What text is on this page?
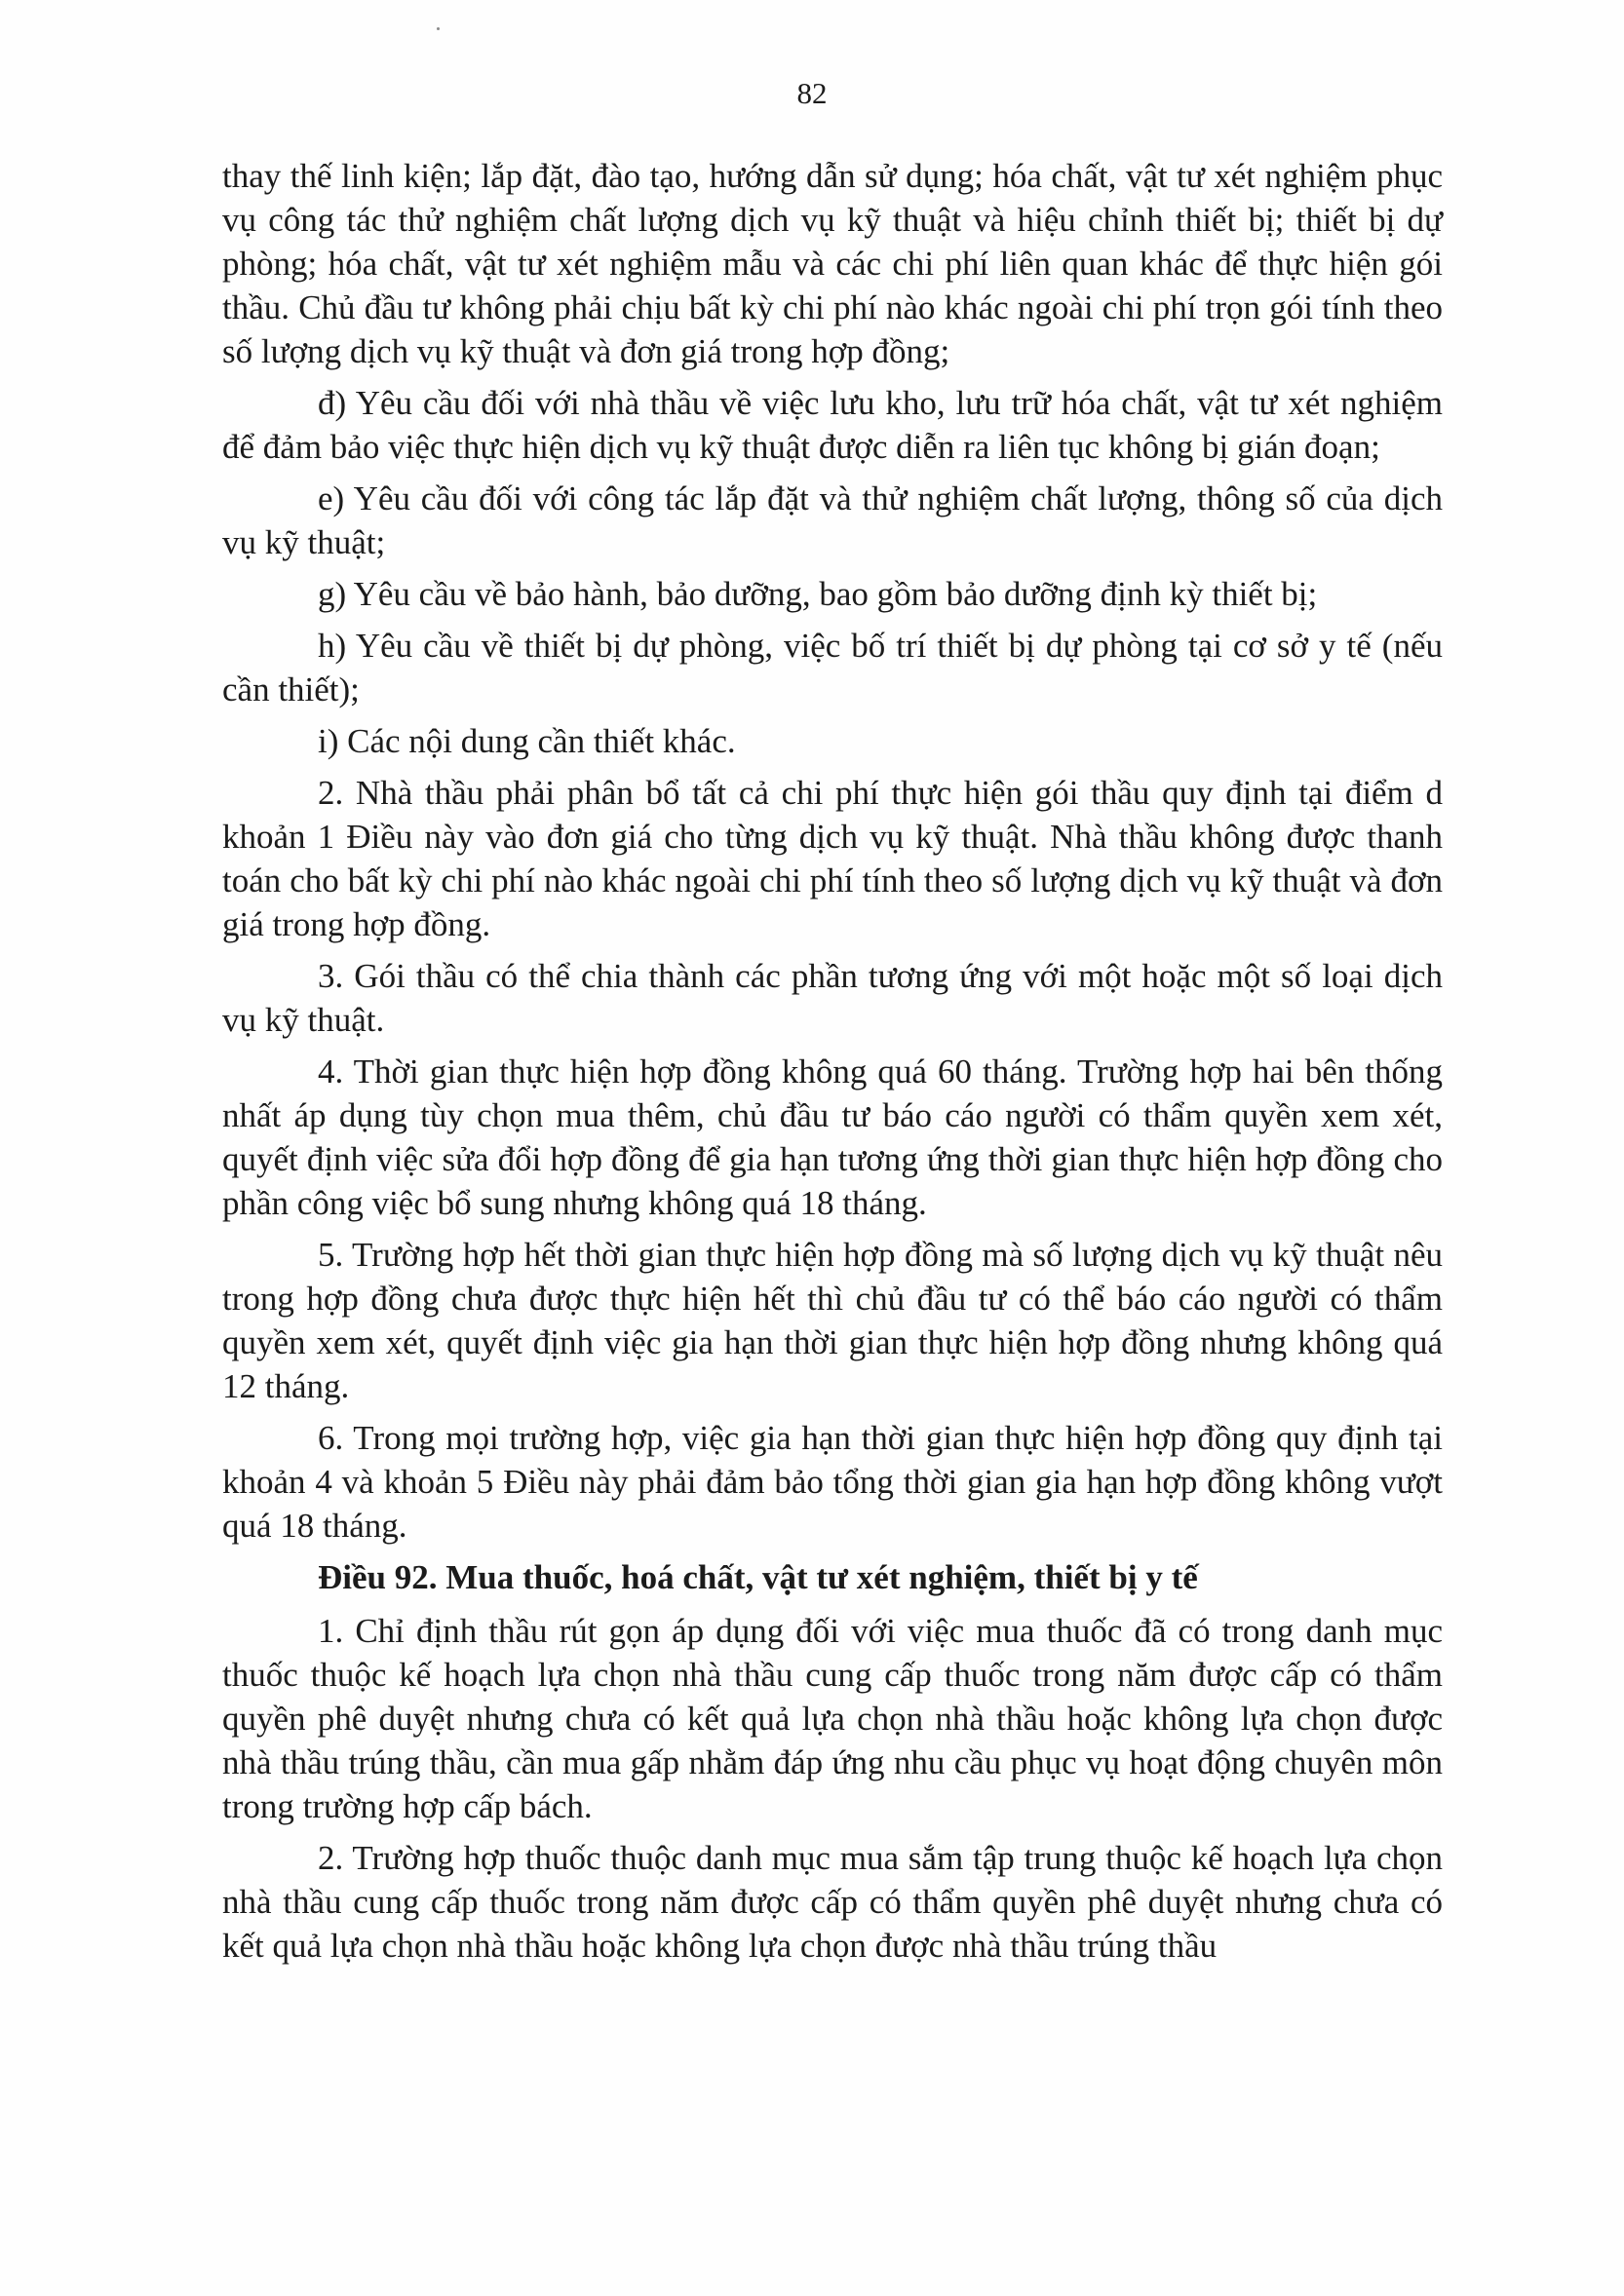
82

thay thế linh kiện; lắp đặt, đào tạo, hướng dẫn sử dụng; hóa chất, vật tư xét nghiệm phục vụ công tác thử nghiệm chất lượng dịch vụ kỹ thuật và hiệu chỉnh thiết bị; thiết bị dự phòng; hóa chất, vật tư xét nghiệm mẫu và các chi phí liên quan khác để thực hiện gói thầu. Chủ đầu tư không phải chịu bất kỳ chi phí nào khác ngoài chi phí trọn gói tính theo số lượng dịch vụ kỹ thuật và đơn giá trong hợp đồng;

đ) Yêu cầu đối với nhà thầu về việc lưu kho, lưu trữ hóa chất, vật tư xét nghiệm để đảm bảo việc thực hiện dịch vụ kỹ thuật được diễn ra liên tục không bị gián đoạn;

e) Yêu cầu đối với công tác lắp đặt và thử nghiệm chất lượng, thông số của dịch vụ kỹ thuật;

g) Yêu cầu về bảo hành, bảo dưỡng, bao gồm bảo dưỡng định kỳ thiết bị;

h) Yêu cầu về thiết bị dự phòng, việc bố trí thiết bị dự phòng tại cơ sở y tế (nếu cần thiết);

i) Các nội dung cần thiết khác.

2. Nhà thầu phải phân bổ tất cả chi phí thực hiện gói thầu quy định tại điểm d khoản 1 Điều này vào đơn giá cho từng dịch vụ kỹ thuật. Nhà thầu không được thanh toán cho bất kỳ chi phí nào khác ngoài chi phí tính theo số lượng dịch vụ kỹ thuật và đơn giá trong hợp đồng.

3. Gói thầu có thể chia thành các phần tương ứng với một hoặc một số loại dịch vụ kỹ thuật.

4. Thời gian thực hiện hợp đồng không quá 60 tháng. Trường hợp hai bên thống nhất áp dụng tùy chọn mua thêm, chủ đầu tư báo cáo người có thẩm quyền xem xét, quyết định việc sửa đổi hợp đồng để gia hạn tương ứng thời gian thực hiện hợp đồng cho phần công việc bổ sung nhưng không quá 18 tháng.

5. Trường hợp hết thời gian thực hiện hợp đồng mà số lượng dịch vụ kỹ thuật nêu trong hợp đồng chưa được thực hiện hết thì chủ đầu tư có thể báo cáo người có thẩm quyền xem xét, quyết định việc gia hạn thời gian thực hiện hợp đồng nhưng không quá 12 tháng.

6. Trong mọi trường hợp, việc gia hạn thời gian thực hiện hợp đồng quy định tại khoản 4 và khoản 5 Điều này phải đảm bảo tổng thời gian gia hạn hợp đồng không vượt quá 18 tháng.

Điều 92. Mua thuốc, hoá chất, vật tư xét nghiệm, thiết bị y tế

1. Chỉ định thầu rút gọn áp dụng đối với việc mua thuốc đã có trong danh mục thuốc thuộc kế hoạch lựa chọn nhà thầu cung cấp thuốc trong năm được cấp có thẩm quyền phê duyệt nhưng chưa có kết quả lựa chọn nhà thầu hoặc không lựa chọn được nhà thầu trúng thầu, cần mua gấp nhằm đáp ứng nhu cầu phục vụ hoạt động chuyên môn trong trường hợp cấp bách.

2. Trường hợp thuốc thuộc danh mục mua sắm tập trung thuộc kế hoạch lựa chọn nhà thầu cung cấp thuốc trong năm được cấp có thẩm quyền phê duyệt nhưng chưa có kết quả lựa chọn nhà thầu hoặc không lựa chọn được nhà thầu trúng thầu
